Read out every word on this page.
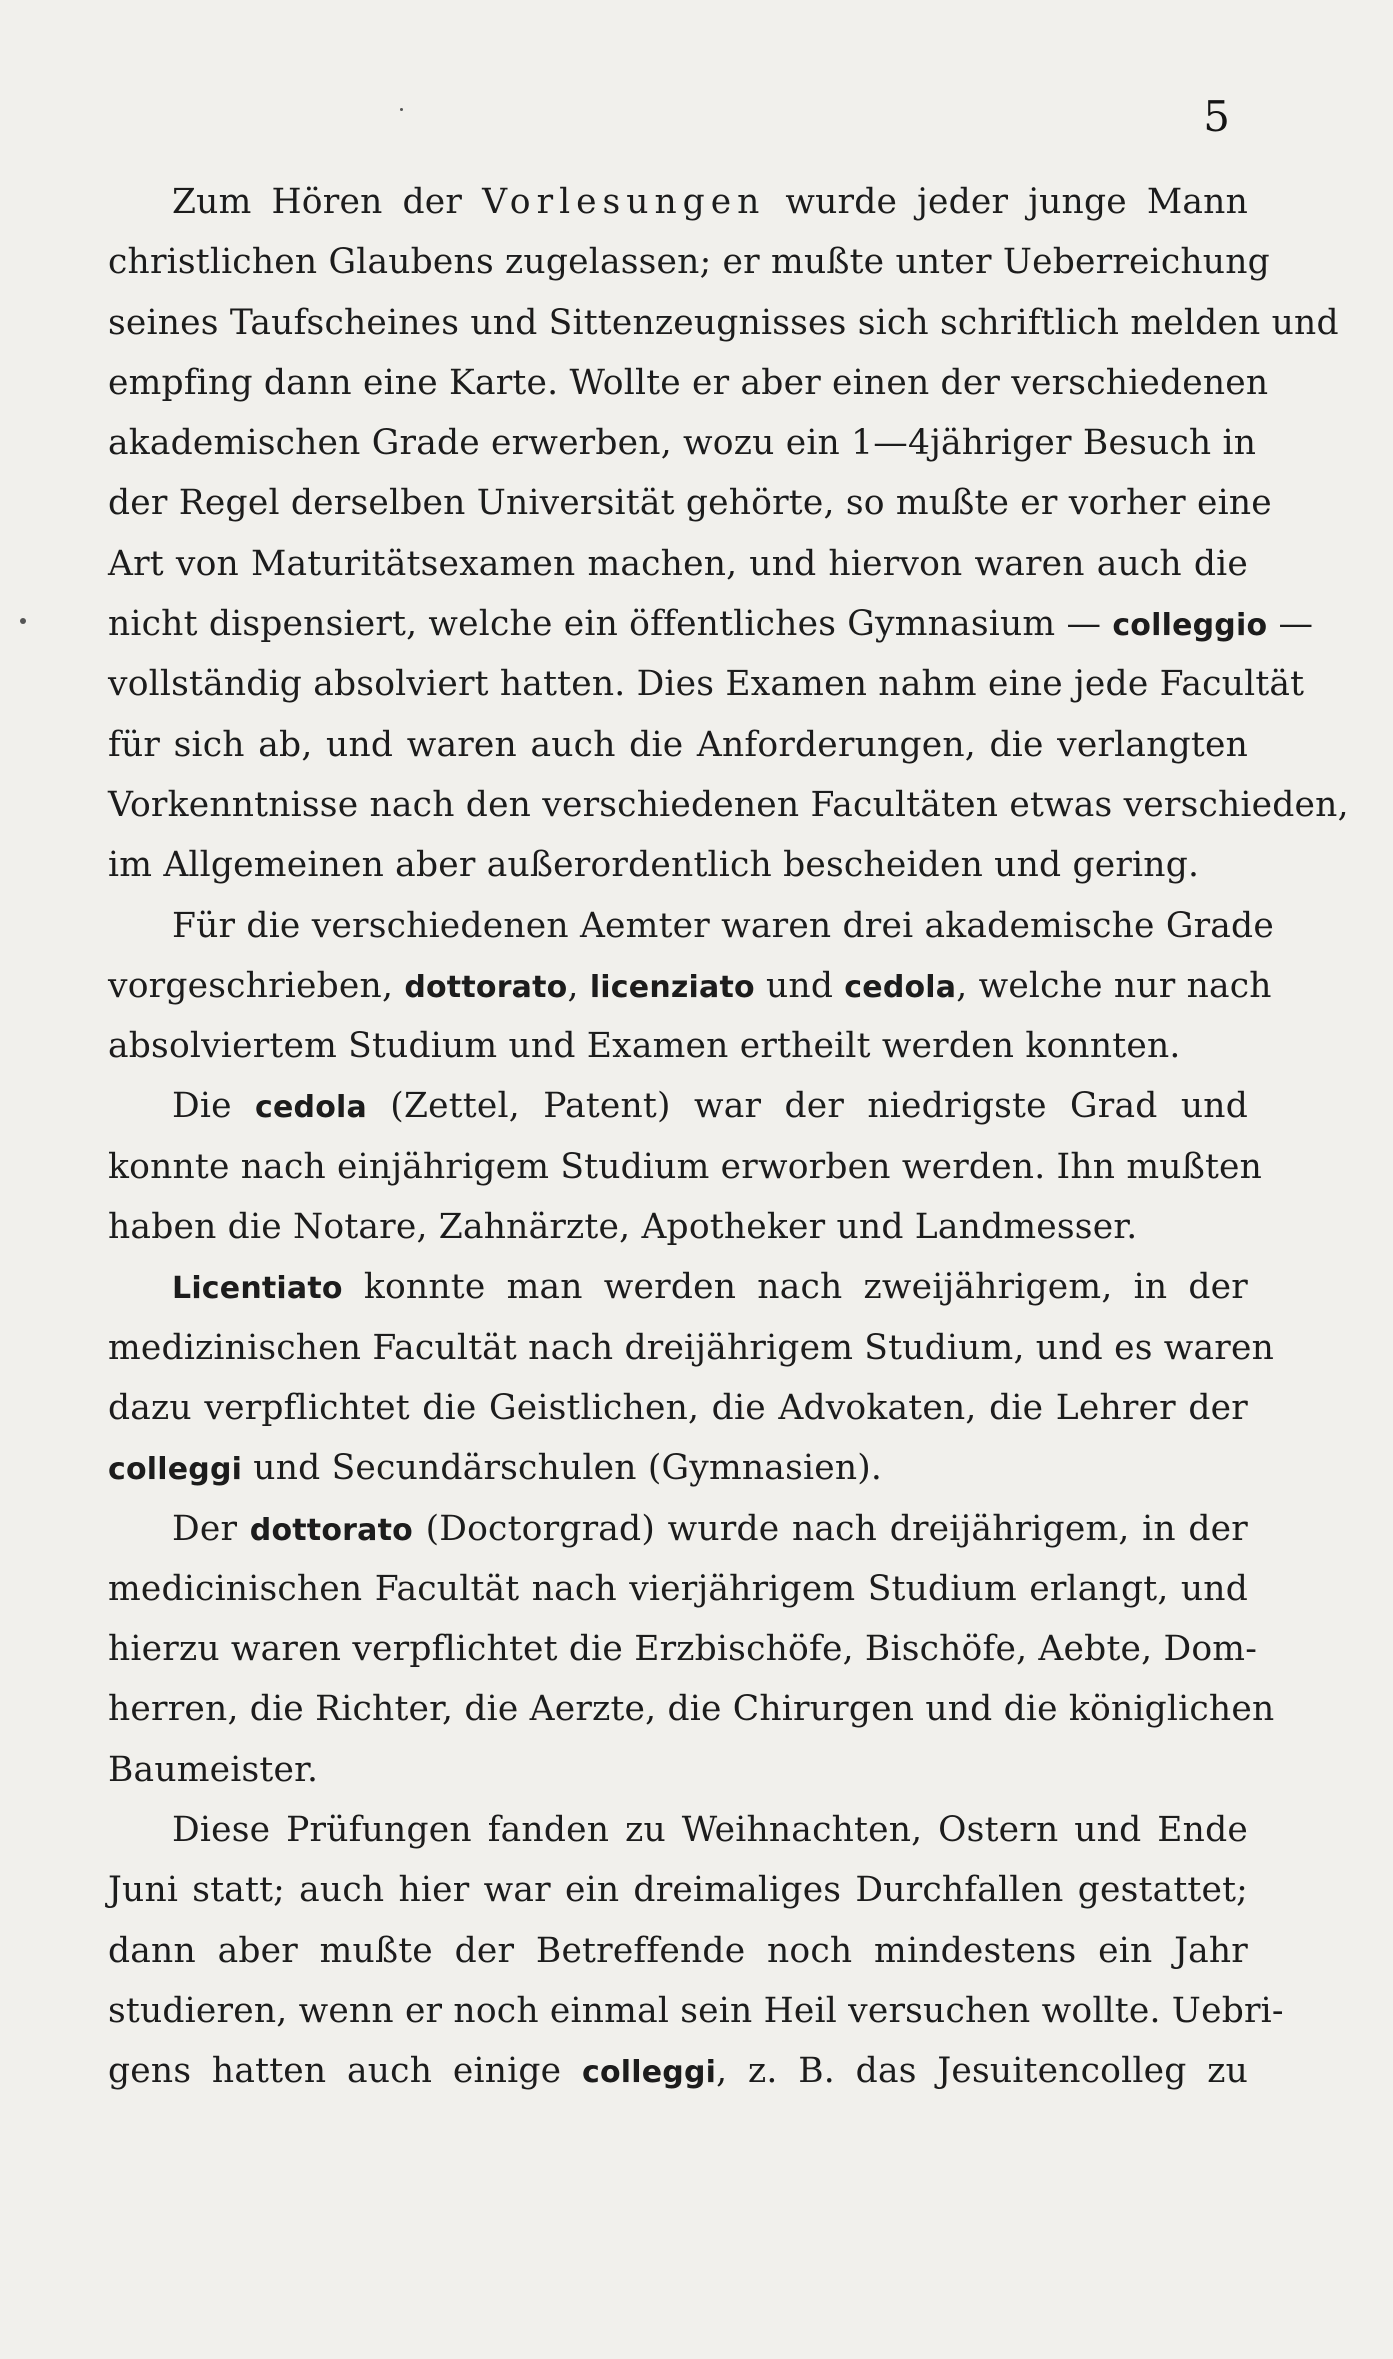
5
Zum Hören der Vorlesungen wurde jeder junge Mann
christlichen Glaubens zugelassen; er mußte unter Ueberreichung
seines Taufscheines und Sittenzeugnisses sich schriftlich melden und
empfing dann eine Karte. Wollte er aber einen der verschiedenen
akademischen Grade erwerben, wozu ein 1—4jähriger Besuch in
der Regel derselben Universität gehörte, so mußte er vorher eine
Art von Maturitätsexamen machen, und hiervon waren auch die
nicht dispensiert, welche ein öffentliches Gymnasium — colleggio —
vollständig absolviert hatten. Dies Examen nahm eine jede Facultät
für sich ab, und waren auch die Anforderungen, die verlangten
Vorkenntnisse nach den verschiedenen Facultäten etwas verschieden,
im Allgemeinen aber außerordentlich bescheiden und gering.
Für die verschiedenen Aemter waren drei akademische Grade
vorgeschrieben, dottorato, licenziato und cedola, welche nur nach
absolviertem Studium und Examen ertheilt werden konnten.
Die cedola (Zettel, Patent) war der niedrigste Grad und
konnte nach einjährigem Studium erworben werden. Ihn mußten
haben die Notare, Zahnärzte, Apotheker und Landmesser.
Licentiato konnte man werden nach zweijährigem, in der
medizinischen Facultät nach dreijährigem Studium, und es waren
dazu verpflichtet die Geistlichen, die Advokaten, die Lehrer der
colleggi und Secundärschulen (Gymnasien).
Der dottorato (Doctorgrad) wurde nach dreijährigem, in der
medicinischen Facultät nach vierjährigem Studium erlangt, und
hierzu waren verpflichtet die Erzbischöfe, Bischöfe, Aebte, Dom-
herren, die Richter, die Aerzte, die Chirurgen und die königlichen
Baumeister.
Diese Prüfungen fanden zu Weihnachten, Ostern und Ende
Juni statt; auch hier war ein dreimaliges Durchfallen gestattet;
dann aber mußte der Betreffende noch mindestens ein Jahr
studieren, wenn er noch einmal sein Heil versuchen wollte. Uebri-
gens hatten auch einige colleggi, z. B. das Jesuitencolleg zu
